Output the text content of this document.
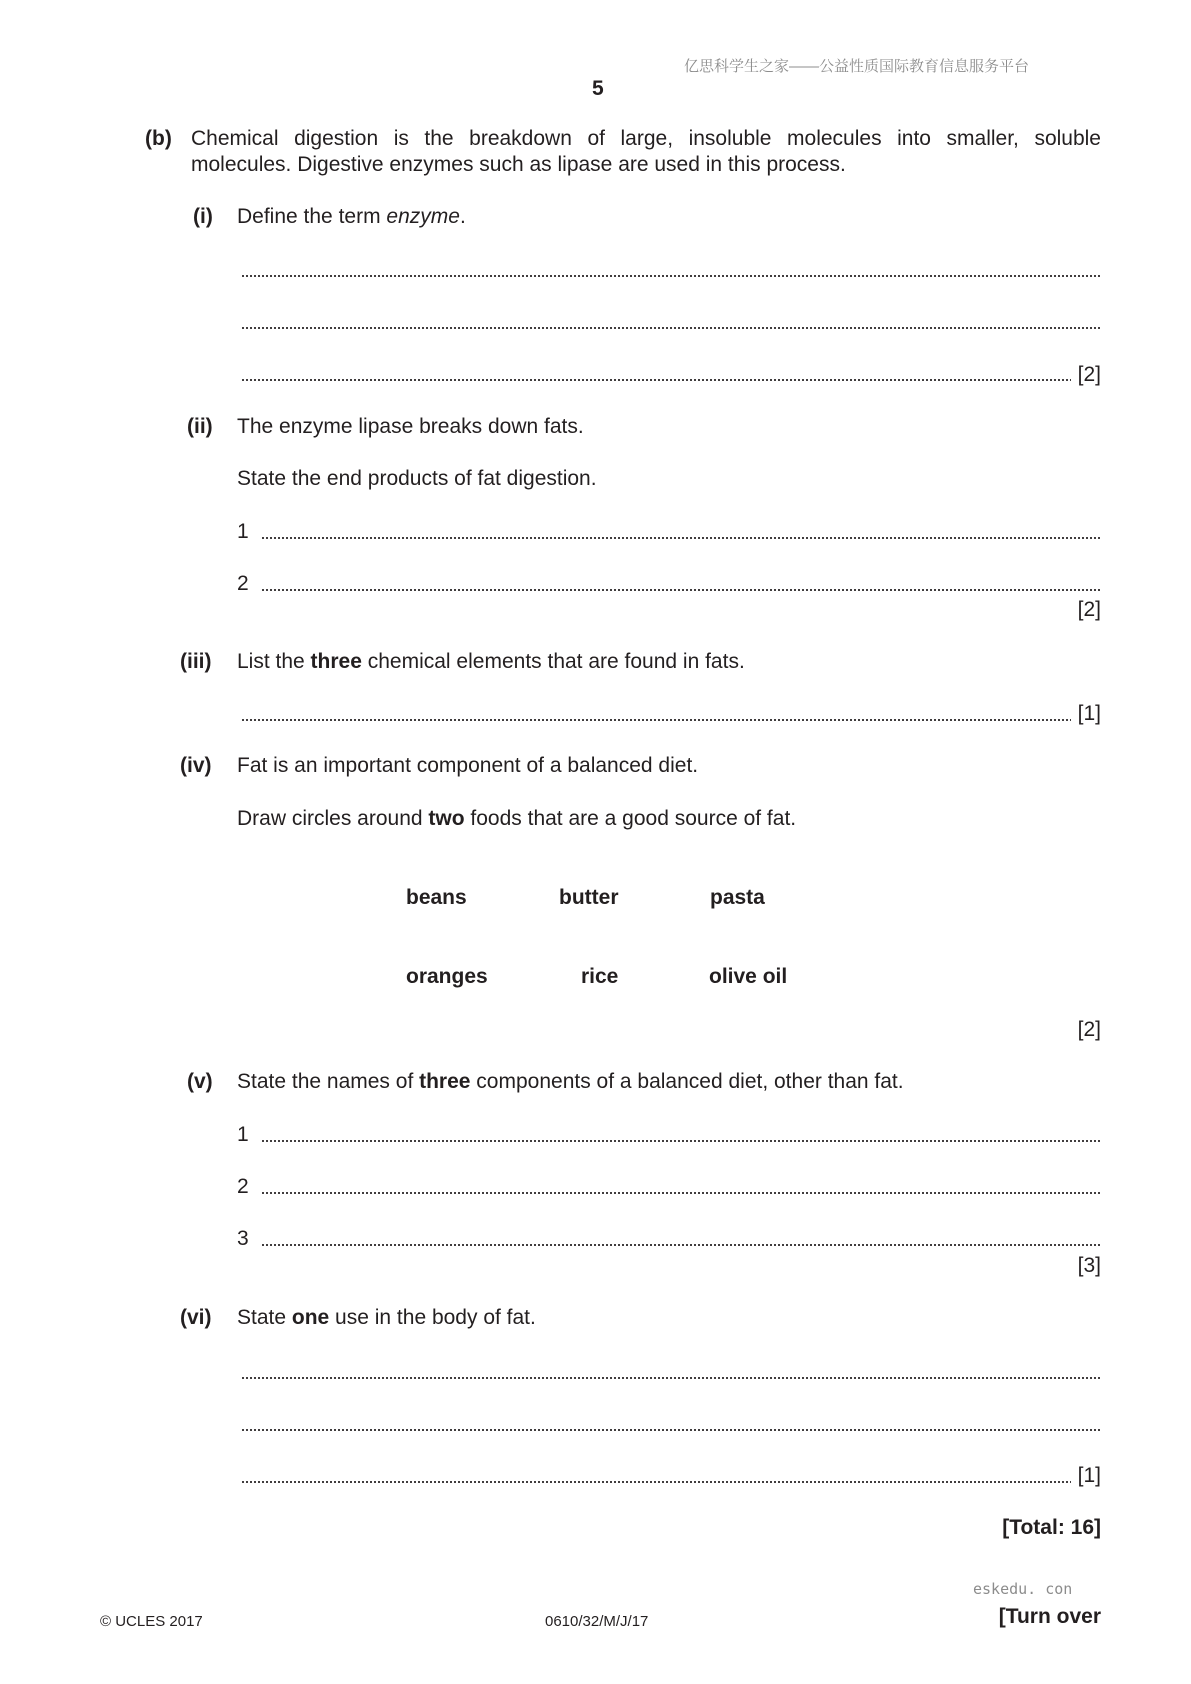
亿思科学生之家——公益性质国际教育信息服务平台
5
(b) Chemical digestion is the breakdown of large, insoluble molecules into smaller, soluble
molecules. Digestive enzymes such as lipase are used in this process.
(i) Define the term enzyme.
[2]
(ii) The enzyme lipase breaks down fats.
State the end products of fat digestion.
1
2
[2]
(iii) List the three chemical elements that are found in fats.
[1]
(iv) Fat is an important component of a balanced diet.
Draw circles around two foods that are a good source of fat.
beans	butter	pasta
oranges	rice	olive oil
[2]
(v) State the names of three components of a balanced diet, other than fat.
1
2
3
[3]
(vi) State one use in the body of fat.
[1]
[Total: 16]
eskedu. con
© UCLES 2017	0610/32/M/J/17	[Turn over
